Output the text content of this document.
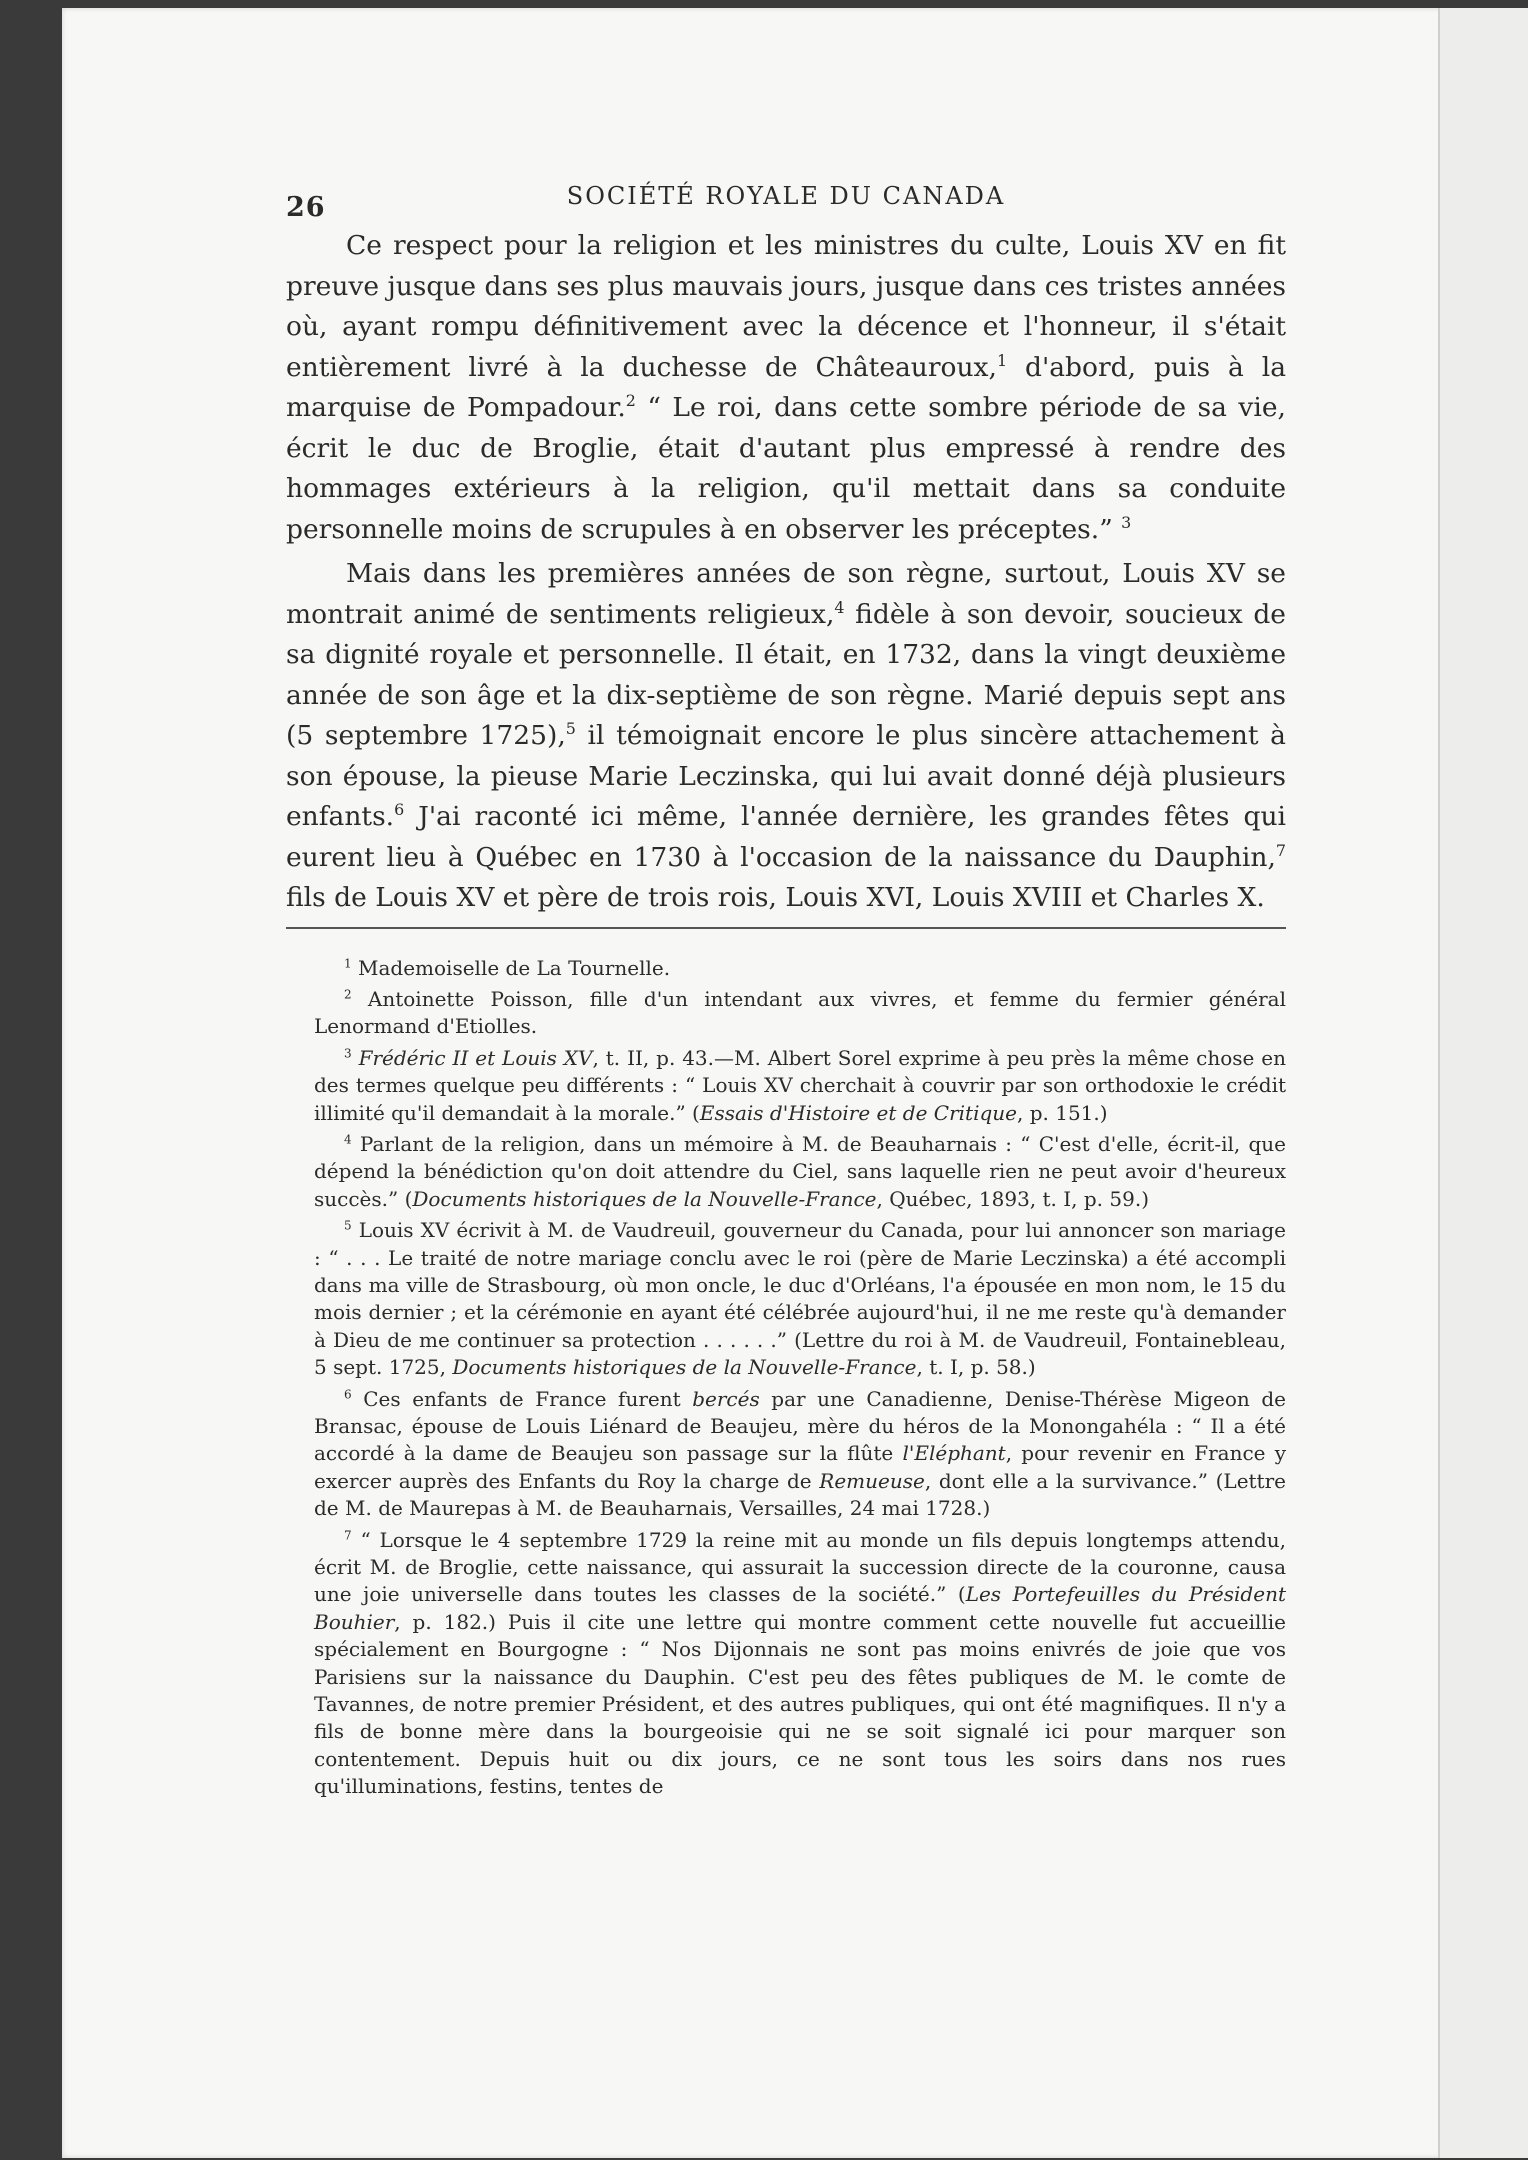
26	SOCIÉTÉ ROYALE DU CANADA

Ce respect pour la religion et les ministres du culte, Louis XV en fit preuve jusque dans ses plus mauvais jours, jusque dans ces tristes années où, ayant rompu définitivement avec la décence et l'honneur, il s'était entièrement livré à la duchesse de Châteauroux,$^1$ d'abord, puis à la marquise de Pompadour.$^2$ “ Le roi, dans cette sombre période de sa vie, écrit le duc de Broglie, était d'autant plus empressé à rendre des hommages extérieurs à la religion, qu'il mettait dans sa conduite personnelle moins de scrupules à en observer les préceptes.” $^3$

Mais dans les premières années de son règne, surtout, Louis XV se montrait animé de sentiments religieux,$^4$ fidèle à son devoir, soucieux de sa dignité royale et personnelle. Il était, en 1732, dans la vingt deuxième année de son âge et la dix-septième de son règne. Marié depuis sept ans (5 septembre 1725),$^5$ il témoignait encore le plus sincère attachement à son épouse, la pieuse Marie Leczinska, qui lui avait donné déjà plusieurs enfants.$^6$ J'ai raconté ici même, l'année dernière, les grandes fêtes qui eurent lieu à Québec en 1730 à l'occasion de la naissance du Dauphin,$^7$ fils de Louis XV et père de trois rois, Louis XVI, Louis XVIII et Charles X.

$^1$ Mademoiselle de La Tournelle.

$^2$ Antoinette Poisson, fille d'un intendant aux vivres, et femme du fermier général Lenormand d'Etiolles.

$^3$ Frédéric II et Louis XV, t. II, p. 43.—M. Albert Sorel exprime à peu près la même chose en des termes quelque peu différents : “ Louis XV cherchait à couvrir par son orthodoxie le crédit illimité qu'il demandait à la morale.” (Essais d'Histoire et de Critique, p. 151.)

$^4$ Parlant de la religion, dans un mémoire à M. de Beauharnais : “ C'est d'elle, écrit-il, que dépend la bénédiction qu'on doit attendre du Ciel, sans laquelle rien ne peut avoir d'heureux succès.” (Documents historiques de la Nouvelle-France, Québec, 1893, t. I, p. 59.)

$^5$ Louis XV écrivit à M. de Vaudreuil, gouverneur du Canada, pour lui annoncer son mariage : “ . . . Le traité de notre mariage conclu avec le roi (père de Marie Leczinska) a été accompli dans ma ville de Strasbourg, où mon oncle, le duc d'Orléans, l'a épousée en mon nom, le 15 du mois dernier ; et la cérémonie en ayant été célébrée aujourd'hui, il ne me reste qu'à demander à Dieu de me continuer sa protection . . . . . .” (Lettre du roi à M. de Vaudreuil, Fontainebleau, 5 sept. 1725, Documents historiques de la Nouvelle-France, t. I, p. 58.)

$^6$ Ces enfants de France furent bercés par une Canadienne, Denise-Thérèse Migeon de Bransac, épouse de Louis Liénard de Beaujeu, mère du héros de la Monongahéla : “ Il a été accordé à la dame de Beaujeu son passage sur la flûte l'Eléphant, pour revenir en France y exercer auprès des Enfants du Roy la charge de Remueuse, dont elle a la survivance.” (Lettre de M. de Maurepas à M. de Beauharnais, Versailles, 24 mai 1728.)

$^7$ “ Lorsque le 4 septembre 1729 la reine mit au monde un fils depuis longtemps attendu, écrit M. de Broglie, cette naissance, qui assurait la succession directe de la couronne, causa une joie universelle dans toutes les classes de la société.” (Les Portefeuilles du Président Bouhier, p. 182.) Puis il cite une lettre qui montre comment cette nouvelle fut accueillie spécialement en Bourgogne : “ Nos Dijonnais ne sont pas moins enivrés de joie que vos Parisiens sur la naissance du Dauphin. C'est peu des fêtes publiques de M. le comte de Tavannes, de notre premier Président, et des autres publiques, qui ont été magnifiques. Il n'y a fils de bonne mère dans la bourgeoisie qui ne se soit signalé ici pour marquer son contentement. Depuis huit ou dix jours, ce ne sont tous les soirs dans nos rues qu'illuminations, festins, tentes de
